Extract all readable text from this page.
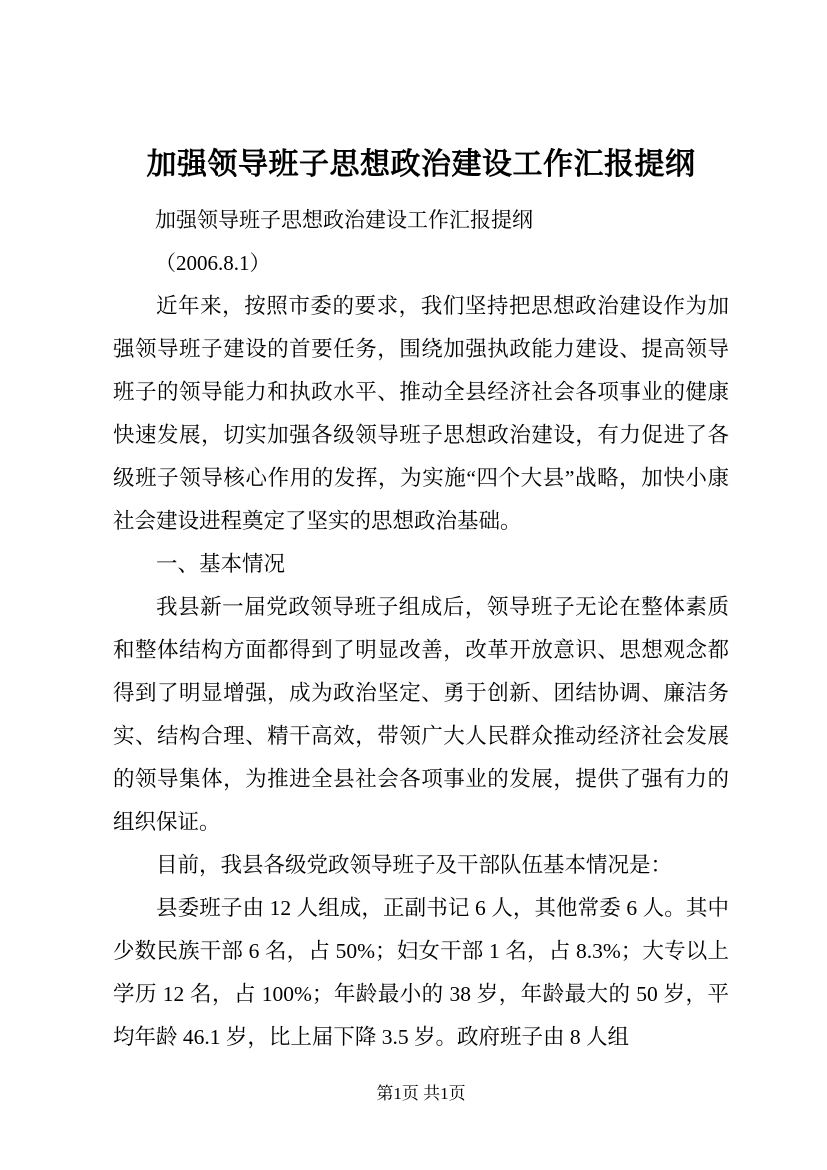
加强领导班子思想政治建设工作汇报提纲

加强领导班子思想政治建设工作汇报提纲

（2006.8.1）

近年来，按照市委的要求，我们坚持把思想政治建设作为加强领导班子建设的首要任务，围绕加强执政能力建设、提高领导班子的领导能力和执政水平、推动全县经济社会各项事业的健康快速发展，切实加强各级领导班子思想政治建设，有力促进了各级班子领导核心作用的发挥，为实施“四个大县”战略，加快小康社会建设进程奠定了坚实的思想政治基础。

一、基本情况

我县新一届党政领导班子组成后，领导班子无论在整体素质和整体结构方面都得到了明显改善，改革开放意识、思想观念都得到了明显增强，成为政治坚定、勇于创新、团结协调、廉洁务实、结构合理、精干高效，带领广大人民群众推动经济社会发展的领导集体，为推进全县社会各项事业的发展，提供了强有力的组织保证。

目前，我县各级党政领导班子及干部队伍基本情况是：

县委班子由 12 人组成，正副书记 6 人，其他常委 6 人。其中少数民族干部 6 名，占 50%；妇女干部 1 名，占 8.3%；大专以上学历 12 名，占 100%；年龄最小的 38 岁，年龄最大的 50 岁，平均年龄 46.1 岁，比上届下降 3.5 岁。政府班子由 8 人组

第1页 共1页
